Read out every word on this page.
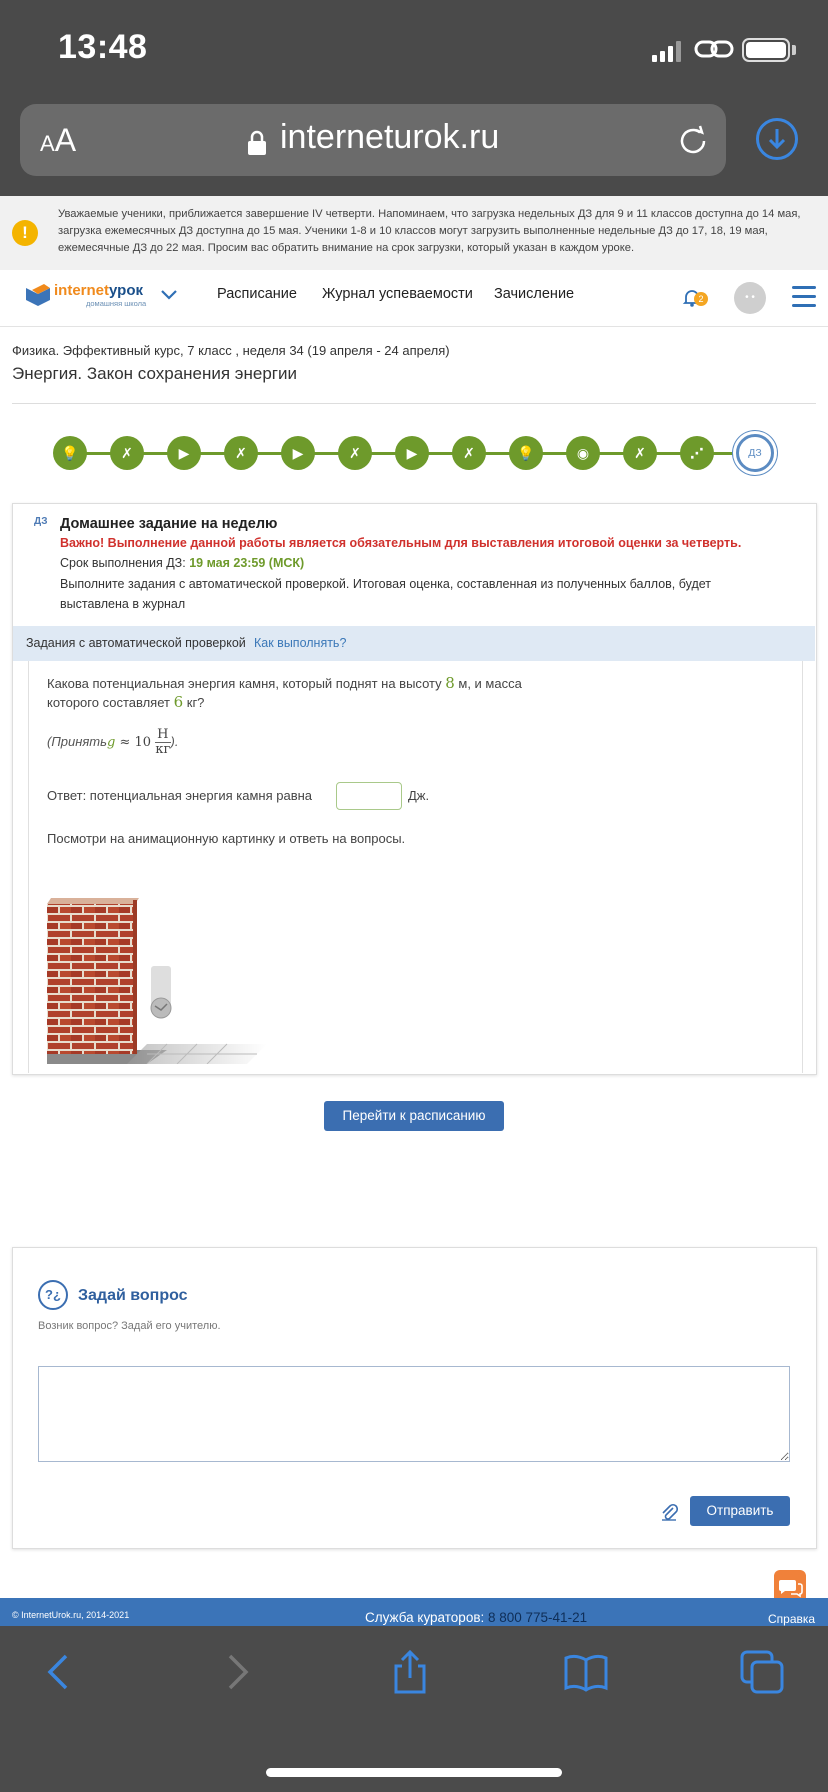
13:48
AA	interneturok.ru
!
Уважаемые ученики, приближается завершение IV четверти. Напоминаем, что загрузка недельных ДЗ для 9 и 11 классов доступна до 14 мая, загрузка ежемесячных ДЗ доступна до 15 мая. Ученики 1-8 и 10 классов могут загрузить выполненные недельные ДЗ до 17, 18, 19 мая, ежемесячные ДЗ до 22 мая. Просим вас обратить внимание на срок загрузки, который указан в каждом уроке.
internetурок
домашняя школа
Расписание Журнал успеваемости Зачисление	2	• •
Физика. Эффективный курс, 7 класс , неделя 34 (19 апреля - 24 апреля)
Энергия. Закон сохранения энергии
💡	✗	▶	✗	▶	✗	▶	✗	💡	◉	✗	⋰	ДЗ
ДЗ Домашнее задание на неделю
Важно! Выполнение данной работы является обязательным для выставления итоговой оценки за четверть.
Срок выполнения ДЗ: 19 мая 23:59 (МСК)
Выполните задания с автоматической проверкой. Итоговая оценка, составленная из полученных баллов, будет выставлена в журнал
Задания с автоматической проверкой Как выполнять?
Какова потенциальная энергия камня, который поднят на высоту 8 м, и масса которого составляет 6 кг?
(Принятьg ≈ $10 \frac{Н}{кг}$).
Ответ: потенциальная энергия камня равна	Дж.
Посмотри на анимационную картинку и ответь на вопросы.
Перейти к расписанию
?¿	Задай вопрос
Возник вопрос? Задай его учителю.
Отправить
© InternetUrok.ru, 2014-2021	Служба кураторов: 8 800 775-41-21	Справка
